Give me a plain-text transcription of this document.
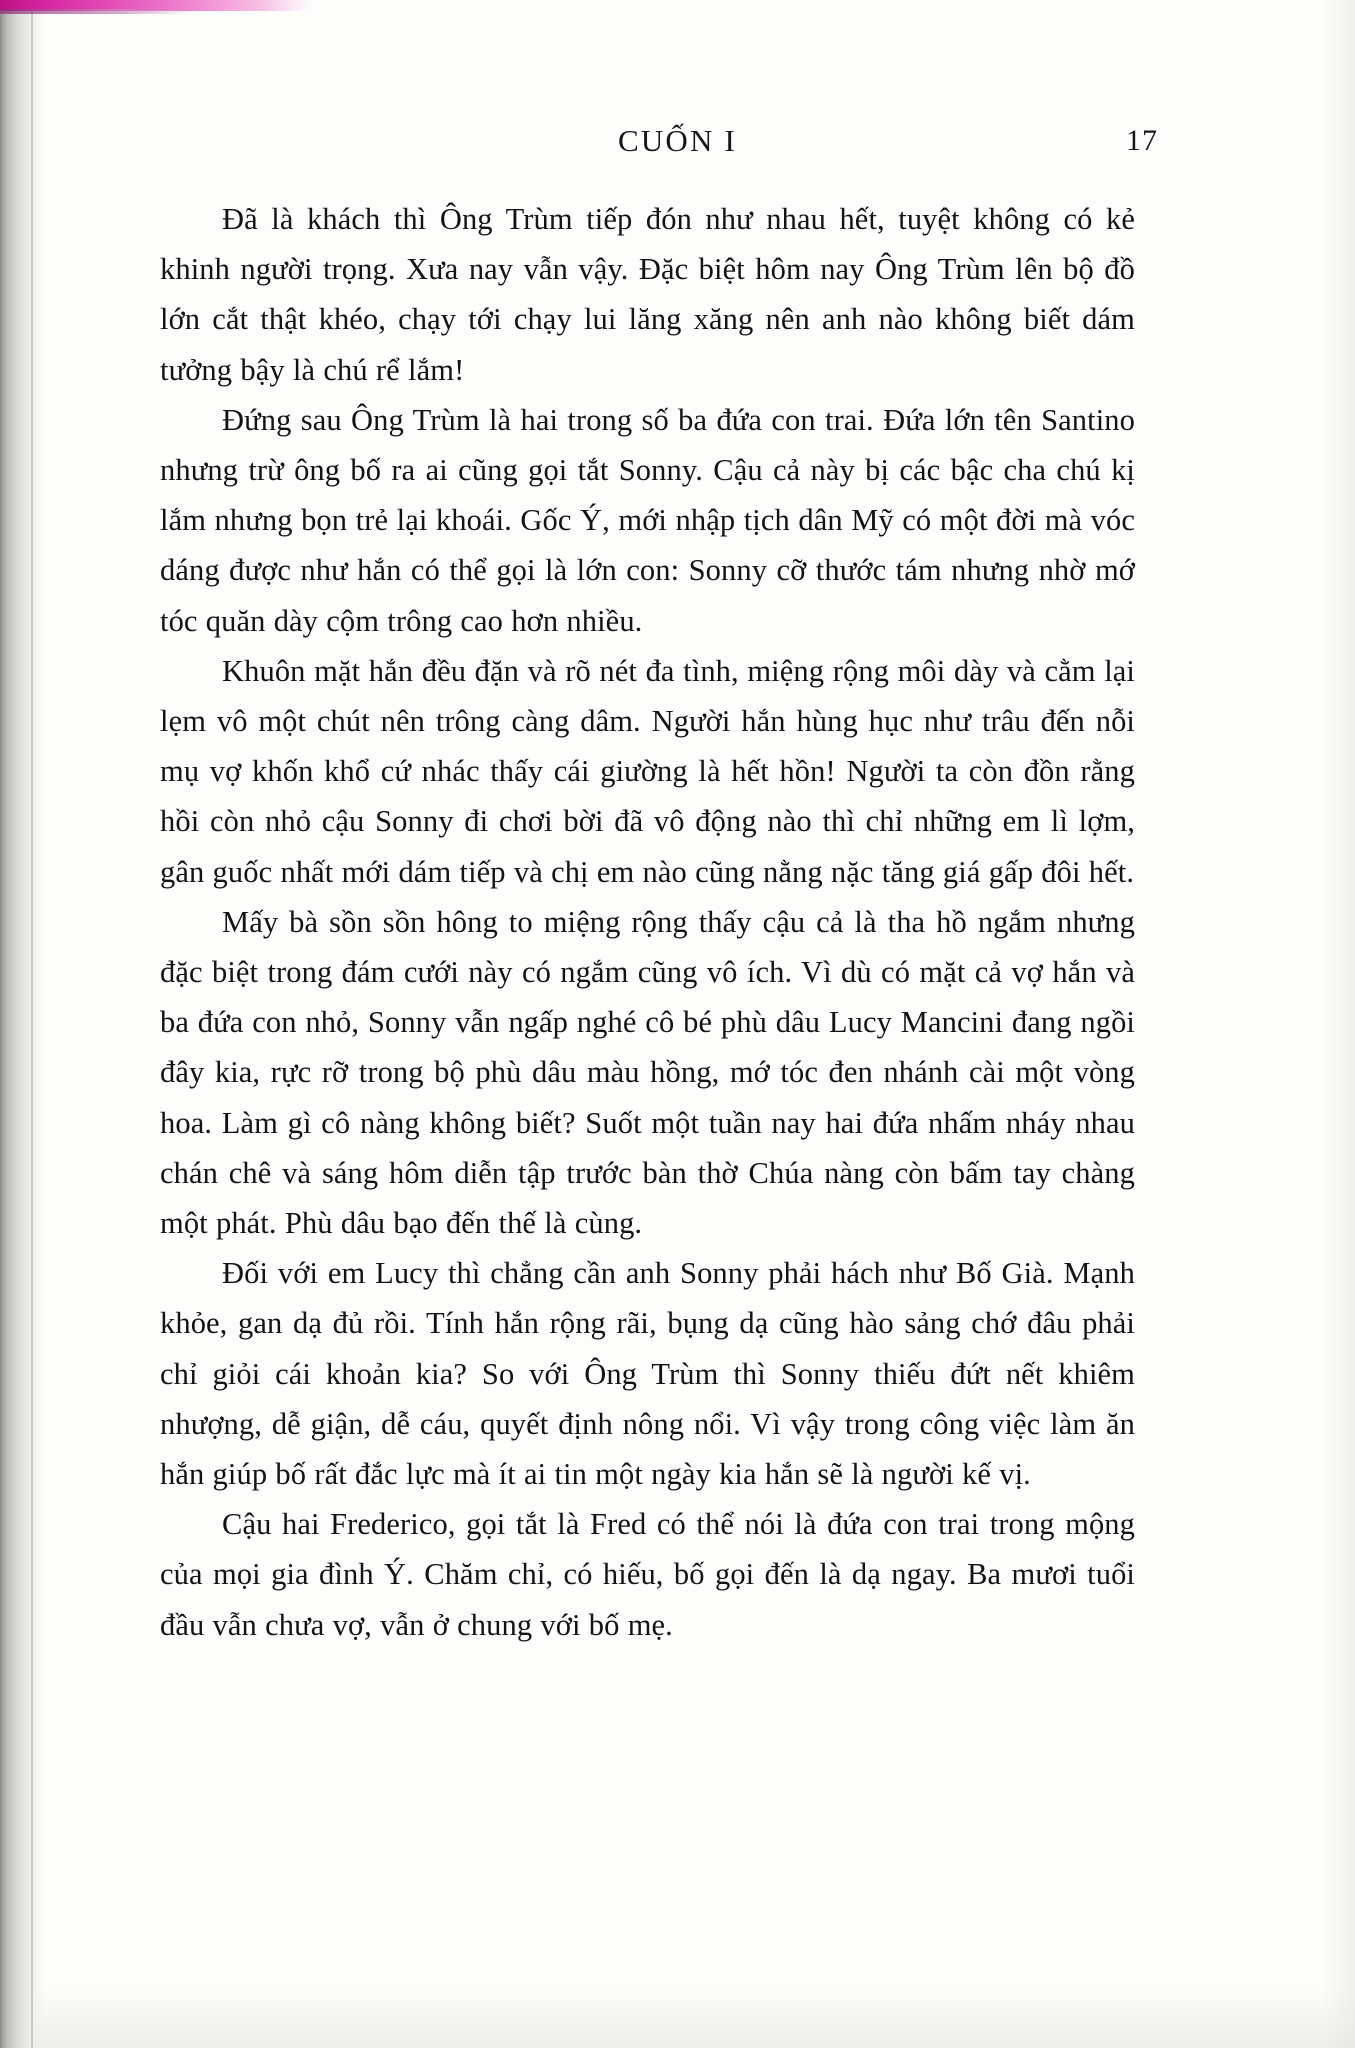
CUỐN I	17

Đã là khách thì Ông Trùm tiếp đón như nhau hết, tuyệt không có kẻ khinh người trọng. Xưa nay vẫn vậy. Đặc biệt hôm nay Ông Trùm lên bộ đồ lớn cắt thật khéo, chạy tới chạy lui lăng xăng nên anh nào không biết dám tưởng bậy là chú rể lắm!

Đứng sau Ông Trùm là hai trong số ba đứa con trai. Đứa lớn tên Santino nhưng trừ ông bố ra ai cũng gọi tắt Sonny. Cậu cả này bị các bậc cha chú kị lắm nhưng bọn trẻ lại khoái. Gốc Ý, mới nhập tịch dân Mỹ có một đời mà vóc dáng được như hắn có thể gọi là lớn con: Sonny cỡ thước tám nhưng nhờ mớ tóc quăn dày cộm trông cao hơn nhiều.

Khuôn mặt hắn đều đặn và rõ nét đa tình, miệng rộng môi dày và cằm lại lẹm vô một chút nên trông càng dâm. Người hắn hùng hục như trâu đến nỗi mụ vợ khốn khổ cứ nhác thấy cái giường là hết hồn! Người ta còn đồn rằng hồi còn nhỏ cậu Sonny đi chơi bời đã vô động nào thì chỉ những em lì lợm, gân guốc nhất mới dám tiếp và chị em nào cũng nằng nặc tăng giá gấp đôi hết.

Mấy bà sồn sồn hông to miệng rộng thấy cậu cả là tha hồ ngắm nhưng đặc biệt trong đám cưới này có ngắm cũng vô ích. Vì dù có mặt cả vợ hắn và ba đứa con nhỏ, Sonny vẫn ngấp nghé cô bé phù dâu Lucy Mancini đang ngồi đây kia, rực rỡ trong bộ phù dâu màu hồng, mớ tóc đen nhánh cài một vòng hoa. Làm gì cô nàng không biết? Suốt một tuần nay hai đứa nhấm nháy nhau chán chê và sáng hôm diễn tập trước bàn thờ Chúa nàng còn bấm tay chàng một phát. Phù dâu bạo đến thế là cùng.

Đối với em Lucy thì chẳng cần anh Sonny phải hách như Bố Già. Mạnh khỏe, gan dạ đủ rồi. Tính hắn rộng rãi, bụng dạ cũng hào sảng chớ đâu phải chỉ giỏi cái khoản kia? So với Ông Trùm thì Sonny thiếu đứt nết khiêm nhượng, dễ giận, dễ cáu, quyết định nông nổi. Vì vậy trong công việc làm ăn hắn giúp bố rất đắc lực mà ít ai tin một ngày kia hắn sẽ là người kế vị.

Cậu hai Frederico, gọi tắt là Fred có thể nói là đứa con trai trong mộng của mọi gia đình Ý. Chăm chỉ, có hiếu, bố gọi đến là dạ ngay. Ba mươi tuổi đầu vẫn chưa vợ, vẫn ở chung với bố mẹ.
